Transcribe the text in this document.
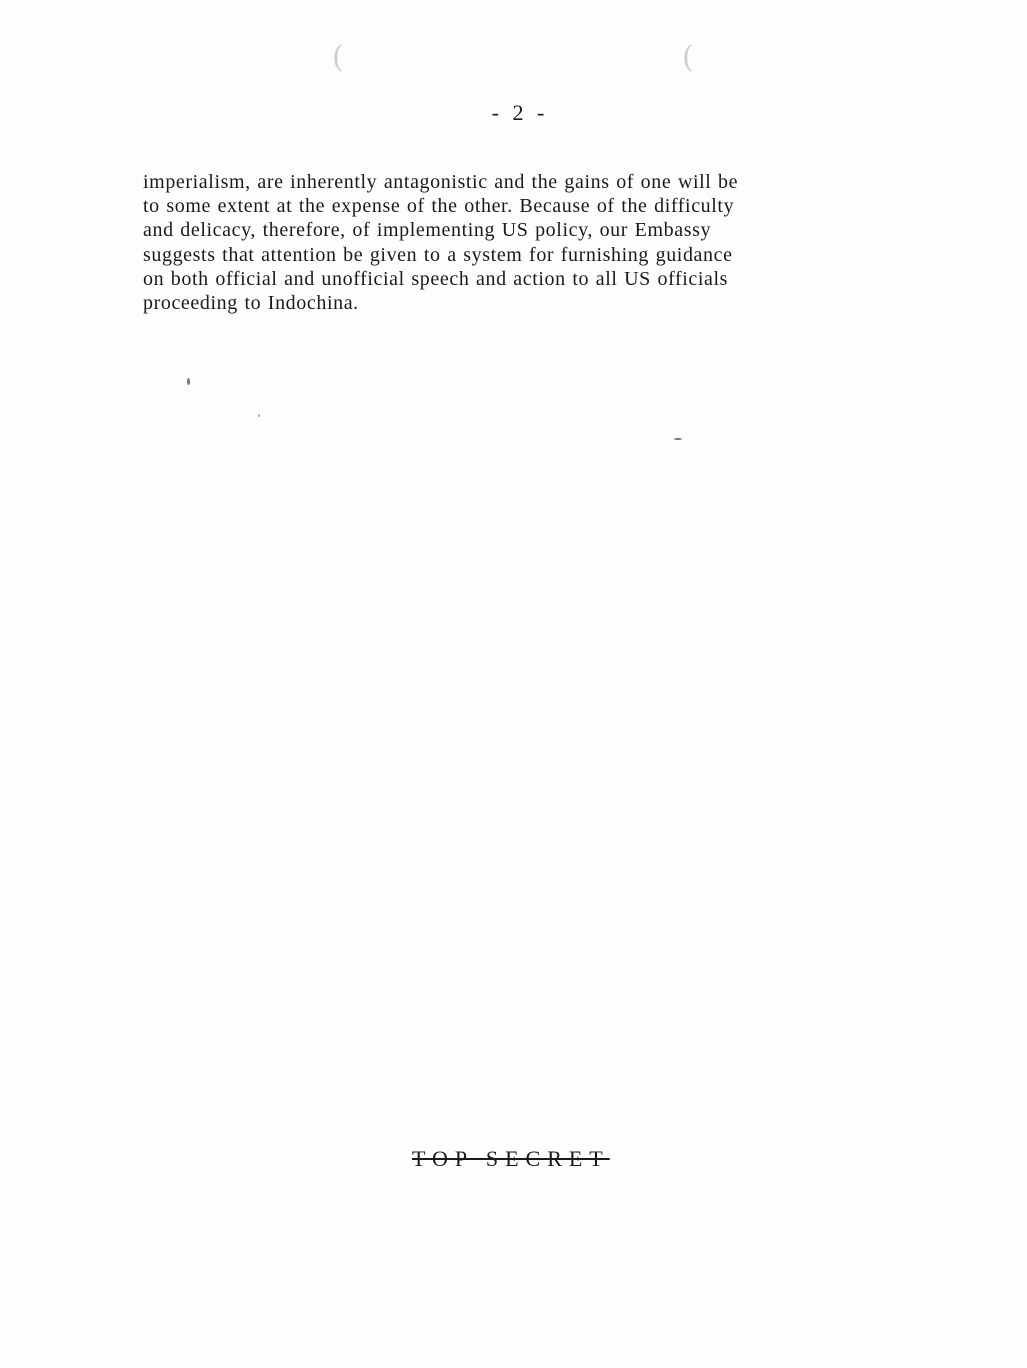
(	(
- 2 -
imperialism, are inherently antagonistic and the gains of one will be
to some extent at the expense of the other. Because of the difficulty
and delicacy, therefore, of implementing US policy, our Embassy
suggests that attention be given to a system for furnishing guidance
on both official and unofficial speech and action to all US officials
proceeding to Indochina.
TOP SECRET
